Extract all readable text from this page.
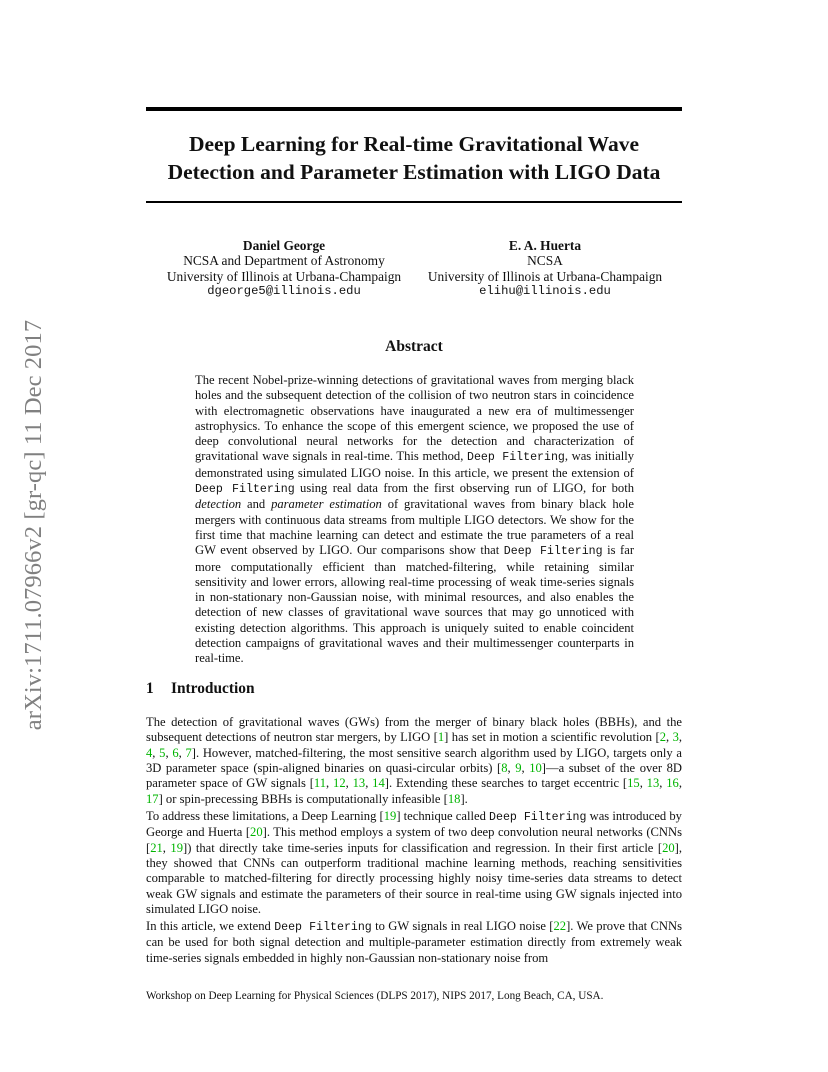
arXiv:1711.07966v2 [gr-qc] 11 Dec 2017
Deep Learning for Real-time Gravitational Wave
Detection and Parameter Estimation with LIGO Data
Daniel George
NCSA and Department of Astronomy
University of Illinois at Urbana-Champaign
dgeorge5@illinois.edu
E. A. Huerta
NCSA
University of Illinois at Urbana-Champaign
elihu@illinois.edu
Abstract
The recent Nobel-prize-winning detections of gravitational waves from merging black holes and the subsequent detection of the collision of two neutron stars in coincidence with electromagnetic observations have inaugurated a new era of multimessenger astrophysics. To enhance the scope of this emergent science, we proposed the use of deep convolutional neural networks for the detection and characterization of gravitational wave signals in real-time. This method, Deep Filtering, was initially demonstrated using simulated LIGO noise. In this article, we present the extension of Deep Filtering using real data from the first observing run of LIGO, for both detection and parameter estimation of gravitational waves from binary black hole mergers with continuous data streams from multiple LIGO detectors. We show for the first time that machine learning can detect and estimate the true parameters of a real GW event observed by LIGO. Our comparisons show that Deep Filtering is far more computationally efficient than matched-filtering, while retaining similar sensitivity and lower errors, allowing real-time processing of weak time-series signals in non-stationary non-Gaussian noise, with minimal resources, and also enables the detection of new classes of gravitational wave sources that may go unnoticed with existing detection algorithms. This approach is uniquely suited to enable coincident detection campaigns of gravitational waves and their multimessenger counterparts in real-time.
1 Introduction
The detection of gravitational waves (GWs) from the merger of binary black holes (BBHs), and the subsequent detections of neutron star mergers, by LIGO [1] has set in motion a scientific revolution [2, 3, 4, 5, 6, 7]. However, matched-filtering, the most sensitive search algorithm used by LIGO, targets only a 3D parameter space (spin-aligned binaries on quasi-circular orbits) [8, 9, 10]—a subset of the over 8D parameter space of GW signals [11, 12, 13, 14]. Extending these searches to target eccentric [15, 13, 16, 17] or spin-precessing BBHs is computationally infeasible [18].
To address these limitations, a Deep Learning [19] technique called Deep Filtering was introduced by George and Huerta [20]. This method employs a system of two deep convolution neural networks (CNNs [21, 19]) that directly take time-series inputs for classification and regression. In their first article [20], they showed that CNNs can outperform traditional machine learning methods, reaching sensitivities comparable to matched-filtering for directly processing highly noisy time-series data streams to detect weak GW signals and estimate the parameters of their source in real-time using GW signals injected into simulated LIGO noise.
In this article, we extend Deep Filtering to GW signals in real LIGO noise [22]. We prove that CNNs can be used for both signal detection and multiple-parameter estimation directly from extremely weak time-series signals embedded in highly non-Gaussian non-stationary noise from
Workshop on Deep Learning for Physical Sciences (DLPS 2017), NIPS 2017, Long Beach, CA, USA.
